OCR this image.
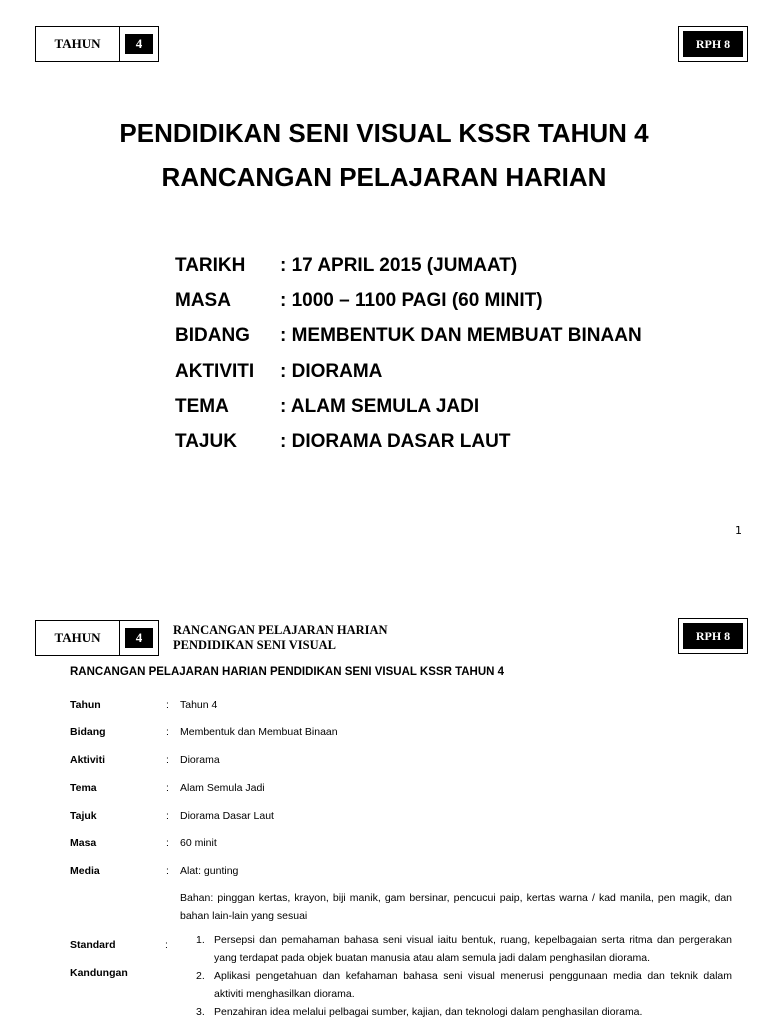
TAHUN	4	RPH 8
PENDIDIKAN SENI VISUAL KSSR TAHUN 4
RANCANGAN PELAJARAN HARIAN
TARIKH	: 17 APRIL 2015 (JUMAAT)
MASA	: 1000 – 1100 PAGI (60 MINIT)
BIDANG	: MEMBENTUK DAN MEMBUAT BINAAN
AKTIVITI	: DIORAMA
TEMA	: ALAM SEMULA JADI
TAJUK	: DIORAMA DASAR LAUT
1
TAHUN	4	RANCANGAN PELAJARAN HARIAN
PENDIDIKAN SENI VISUAL
RPH 8
RANCANGAN PELAJARAN HARIAN PENDIDIKAN SENI VISUAL KSSR TAHUN 4
Tahun	:	Tahun 4
Bidang	:	Membentuk dan Membuat Binaan
Aktiviti	:	Diorama
Tema	:	Alam Semula Jadi
Tajuk	:	Diorama Dasar Laut
Masa	:	60 minit
Media	:	Alat: gunting
Bahan: pinggan kertas, krayon, biji manik, gam bersinar, pencucui paip, kertas warna / kad manila, pen magik, dan bahan lain-lain yang sesuai
Standard	:
Kandungan
1. Persepsi dan pemahaman bahasa seni visual iaitu bentuk, ruang, kepelbagaian serta ritma dan pergerakan yang terdapat pada objek buatan manusia atau alam semula jadi dalam penghasilan diorama.
2. Aplikasi pengetahuan dan kefahaman bahasa seni visual menerusi penggunaan media dan teknik dalam aktiviti menghasilkan diorama.
3. Penzahiran idea melalui pelbagai sumber, kajian, dan teknologi dalam penghasilan diorama.
